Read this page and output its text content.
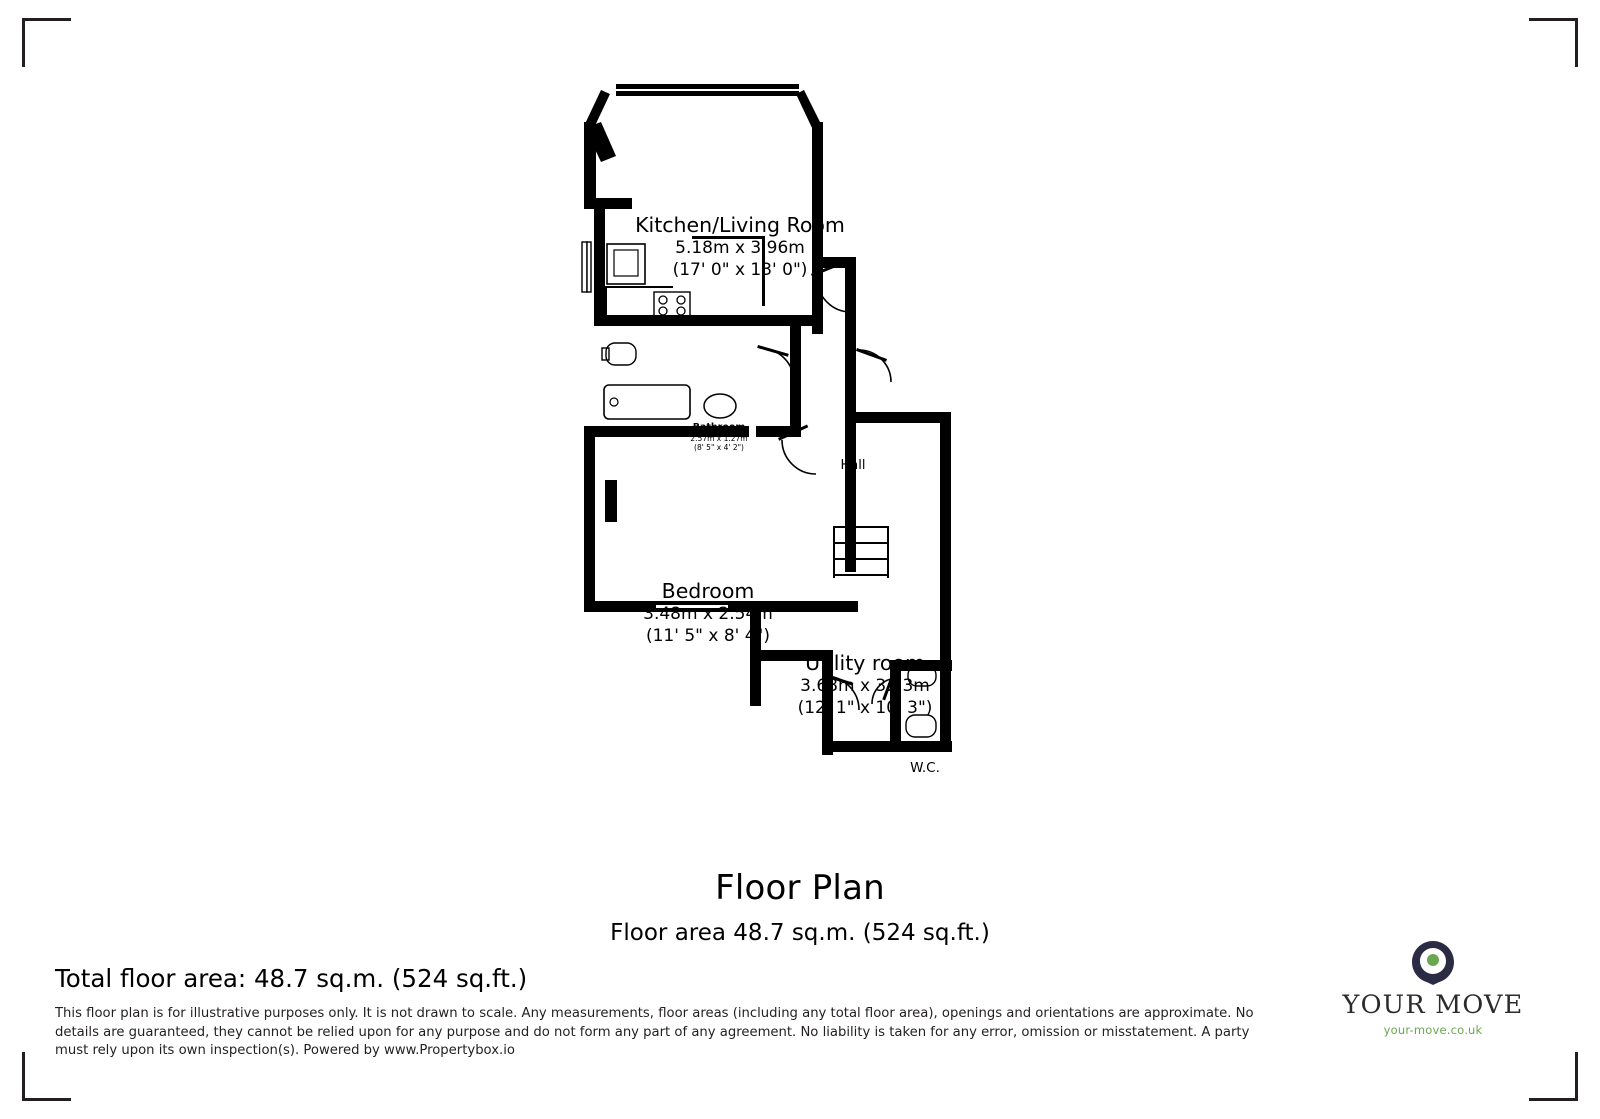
Kitchen/Living Room
5.18m x 3.96m
(17' 0" x 13' 0")
Bathroom
2.57m x 1.27m
(8' 5" x 4' 2")
Hall
Bedroom
3.48m x 2.54m
(11' 5" x 8' 4")
Utility room
3.68m x 3.13m
(12' 1" x 10' 3")
W.C.
Floor Plan
Floor area 48.7 sq.m. (524 sq.ft.)
Total floor area: 48.7 sq.m. (524 sq.ft.)
This floor plan is for illustrative purposes only. It is not drawn to scale. Any measurements, floor areas (including any total floor area), openings and orientations are approximate. No details are guaranteed, they cannot be relied upon for any purpose and do not form any part of any agreement. No liability is taken for any error, omission or misstatement. A party must rely upon its own inspection(s). Powered by www.Propertybox.io
YOUR MOVE
your-move.co.uk
